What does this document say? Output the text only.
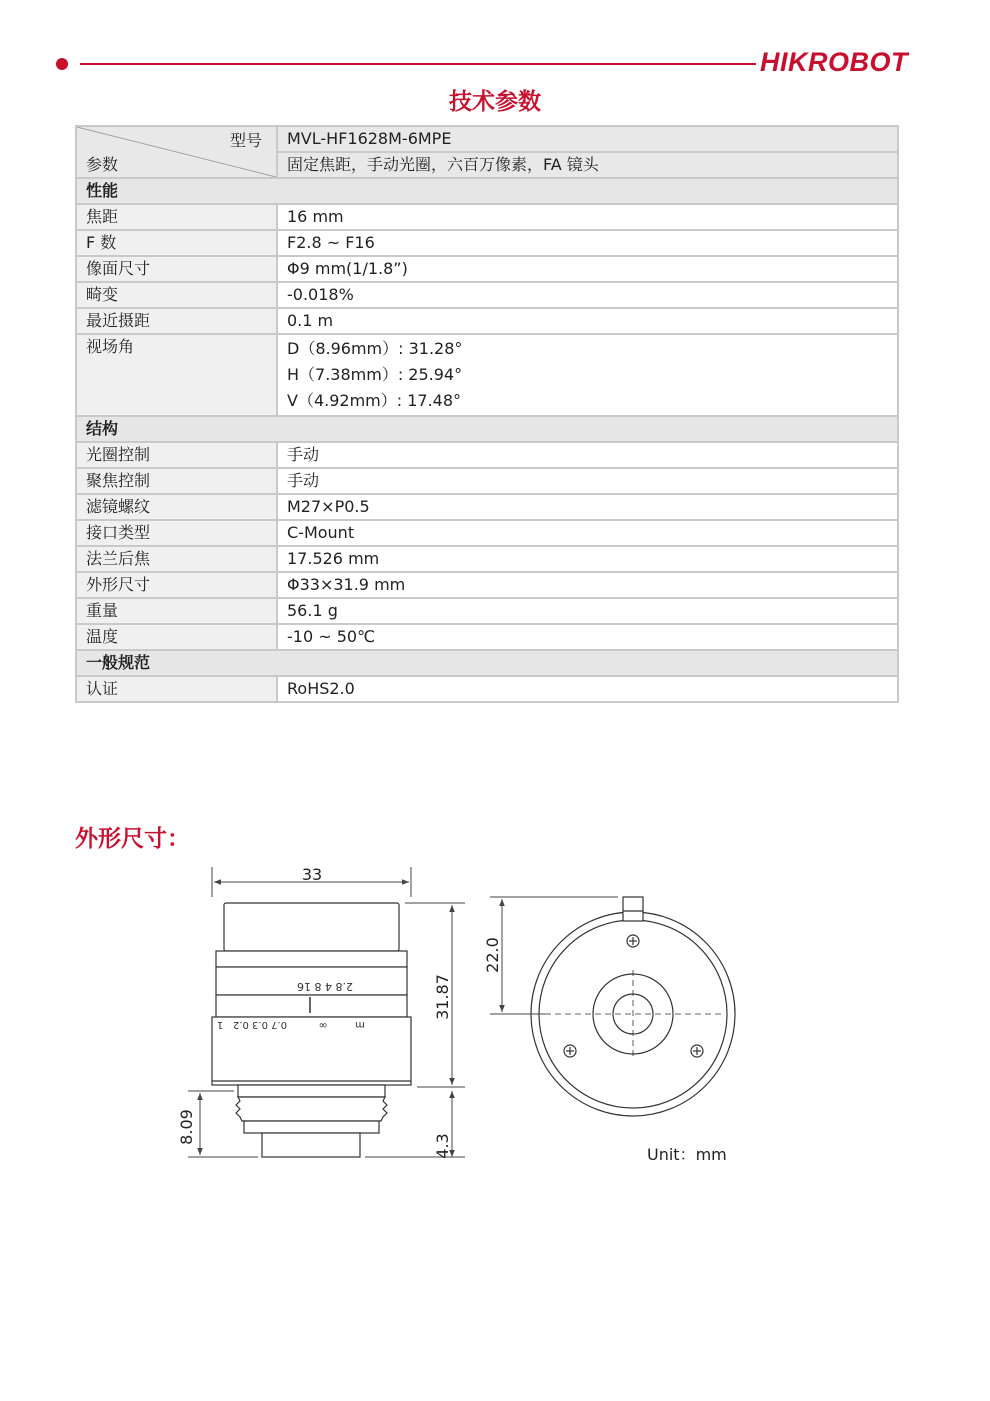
HIKROBOT
技术参数
型号
参数	MVL-HF1628M-6MPE
	固定焦距，手动光圈，六百万像素，FA 镜头
性能	
焦距	16 mm
F 数	F2.8 ~ F16
像面尺寸	Φ9 mm(1/1.8”)
畸变	-0.018%
最近摄距	0.1 m
视场角	D（8.96mm）: 31.28°
H（7.38mm）: 25.94°
V（4.92mm）: 17.48°

结构	
光圈控制	手动
聚焦控制	手动
滤镜螺纹	M27×P0.5
接口类型	C-Mount
法兰后焦	17.526 mm
外形尺寸	Φ33×31.9 mm
重量	56.1 g
温度	-10 ~ 50℃
一般规范	
认证	RoHS2.0
外形尺寸：
2.8 4 8 16
1 0.7 0.3 0.2	∞	m
33
31.87
8.09
4.3
22.0
Unit：mm
